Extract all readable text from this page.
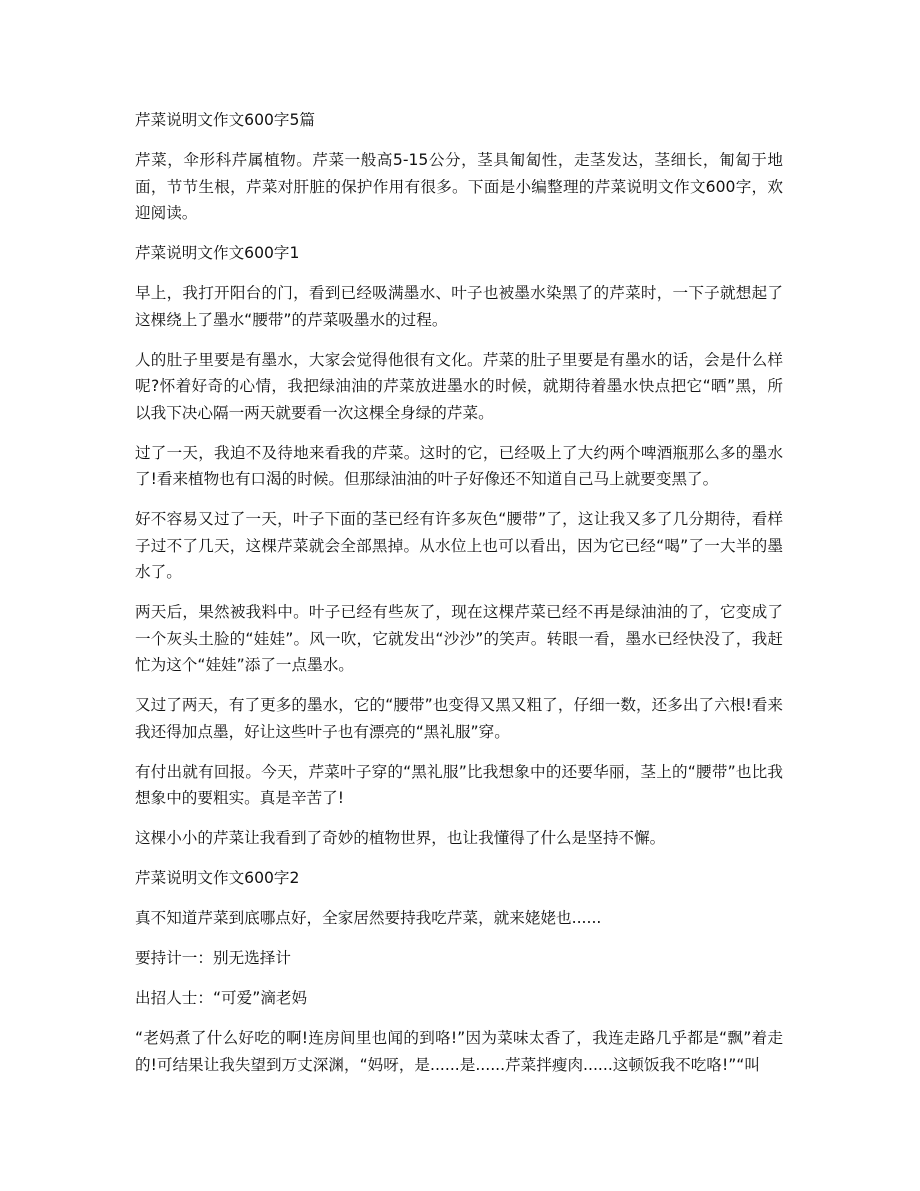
芹菜说明文作文600字5篇

芹菜，伞形科芹属植物。芹菜一般高5-15公分，茎具匍匐性，走茎发达，茎细长，匍匐于地面，节节生根，芹菜对肝脏的保护作用有很多。下面是小编整理的芹菜说明文作文600字，欢迎阅读。

芹菜说明文作文600字1

早上，我打开阳台的门，看到已经吸满墨水、叶子也被墨水染黑了的芹菜时，一下子就想起了这棵绕上了墨水“腰带”的芹菜吸墨水的过程。

人的肚子里要是有墨水，大家会觉得他很有文化。芹菜的肚子里要是有墨水的话，会是什么样呢?怀着好奇的心情，我把绿油油的芹菜放进墨水的时候，就期待着墨水快点把它“晒”黑，所以我下决心隔一两天就要看一次这棵全身绿的芹菜。

过了一天，我迫不及待地来看我的芹菜。这时的它，已经吸上了大约两个啤酒瓶那么多的墨水了!看来植物也有口渴的时候。但那绿油油的叶子好像还不知道自己马上就要变黑了。

好不容易又过了一天，叶子下面的茎已经有许多灰色“腰带”了，这让我又多了几分期待，看样子过不了几天，这棵芹菜就会全部黑掉。从水位上也可以看出，因为它已经“喝”了一大半的墨水了。

两天后，果然被我料中。叶子已经有些灰了，现在这棵芹菜已经不再是绿油油的了，它变成了一个灰头土脸的“娃娃”。风一吹，它就发出“沙沙”的笑声。转眼一看，墨水已经快没了，我赶忙为这个“娃娃”添了一点墨水。

又过了两天，有了更多的墨水，它的“腰带”也变得又黑又粗了，仔细一数，还多出了六根!看来我还得加点墨，好让这些叶子也有漂亮的“黑礼服”穿。

有付出就有回报。今天，芹菜叶子穿的“黑礼服”比我想象中的还要华丽，茎上的“腰带”也比我想象中的要粗实。真是辛苦了!

这棵小小的芹菜让我看到了奇妙的植物世界，也让我懂得了什么是坚持不懈。

芹菜说明文作文600字2

真不知道芹菜到底哪点好，全家居然要持我吃芹菜，就来姥姥也......

要持计一：别无选择计

出招人士：“可爱”滴老妈

“老妈煮了什么好吃的啊!连房间里也闻的到咯!”因为菜味太香了，我连走路几乎都是“飘”着走的!可结果让我失望到万丈深渊，“妈呀，是......是......芹菜拌瘦肉......这顿饭我不吃咯!”“叫
